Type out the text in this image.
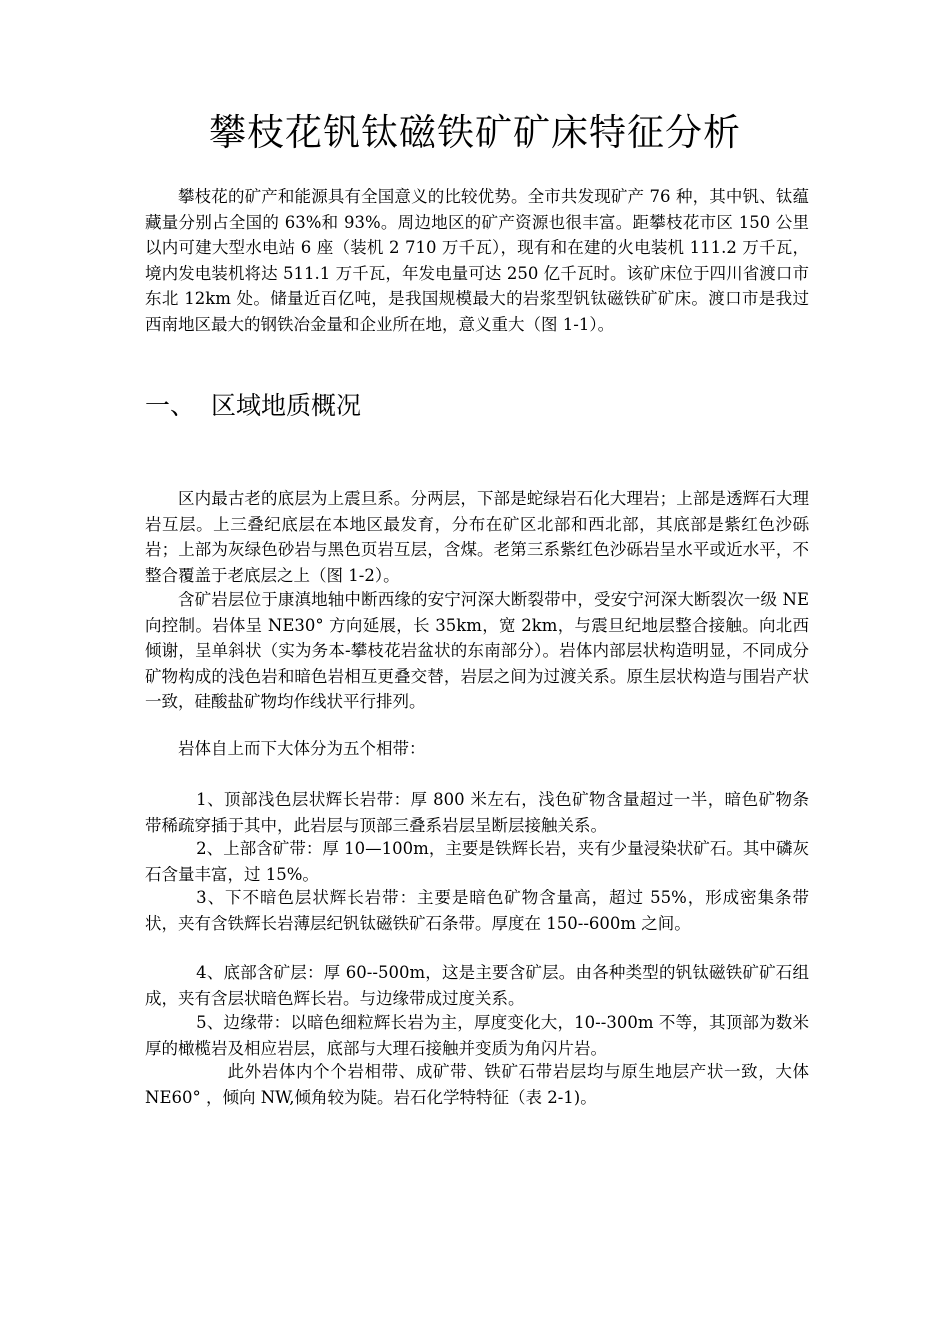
攀枝花钒钛磁铁矿矿床特征分析

攀枝花的矿产和能源具有全国意义的比较优势。全市共发现矿产 76 种，其中钒、钛蕴藏量分别占全国的 63%和 93%。周边地区的矿产资源也很丰富。距攀枝花市区 150 公里以内可建大型水电站 6 座（装机 2 710 万千瓦），现有和在建的火电装机 111.2 万千瓦，境内发电装机将达 511.1 万千瓦，年发电量可达 250 亿千瓦时。该矿床位于四川省渡口市东北 12km 处。储量近百亿吨，是我国规模最大的岩浆型钒钛磁铁矿矿床。渡口市是我过西南地区最大的钢铁冶金量和企业所在地，意义重大（图 1-1）。

一、 区域地质概况

区内最古老的底层为上震旦系。分两层，下部是蛇绿岩石化大理岩；上部是透辉石大理岩互层。上三叠纪底层在本地区最发育，分布在矿区北部和西北部，其底部是紫红色沙砾岩；上部为灰绿色砂岩与黑色页岩互层，含煤。老第三系紫红色沙砾岩呈水平或近水平，不整合覆盖于老底层之上（图 1-2）。

含矿岩层位于康滇地轴中断西缘的安宁河深大断裂带中，受安宁河深大断裂次一级 NE 向控制。岩体呈 NE30° 方向延展，长 35km，宽 2km，与震旦纪地层整合接触。向北西倾谢，呈单斜状（实为务本-攀枝花岩盆状的东南部分）。岩体内部层状构造明显，不同成分矿物构成的浅色岩和暗色岩相互更叠交替，岩层之间为过渡关系。原生层状构造与围岩产状一致，硅酸盐矿物均作线状平行排列。

岩体自上而下大体分为五个相带：

1、顶部浅色层状辉长岩带：厚 800 米左右，浅色矿物含量超过一半，暗色矿物条带稀疏穿插于其中，此岩层与顶部三叠系岩层呈断层接触关系。

2、上部含矿带：厚 10—100m，主要是铁辉长岩，夹有少量浸染状矿石。其中磷灰石含量丰富，过 15%。

3、下不暗色层状辉长岩带：主要是暗色矿物含量高，超过 55%，形成密集条带状，夹有含铁辉长岩薄层纪钒钛磁铁矿石条带。厚度在 150--600m 之间。

4、底部含矿层：厚 60--500m，这是主要含矿层。由各种类型的钒钛磁铁矿矿石组成，夹有含层状暗色辉长岩。与边缘带成过度关系。

5、边缘带：以暗色细粒辉长岩为主，厚度变化大，10--300m 不等，其顶部为数米厚的橄榄岩及相应岩层，底部与大理石接触并变质为角闪片岩。

此外岩体内个个岩相带、成矿带、铁矿石带岩层均与原生地层产状一致，大体 NE60° ，倾向 NW,倾角较为陡。岩石化学特特征（表 2-1)。
